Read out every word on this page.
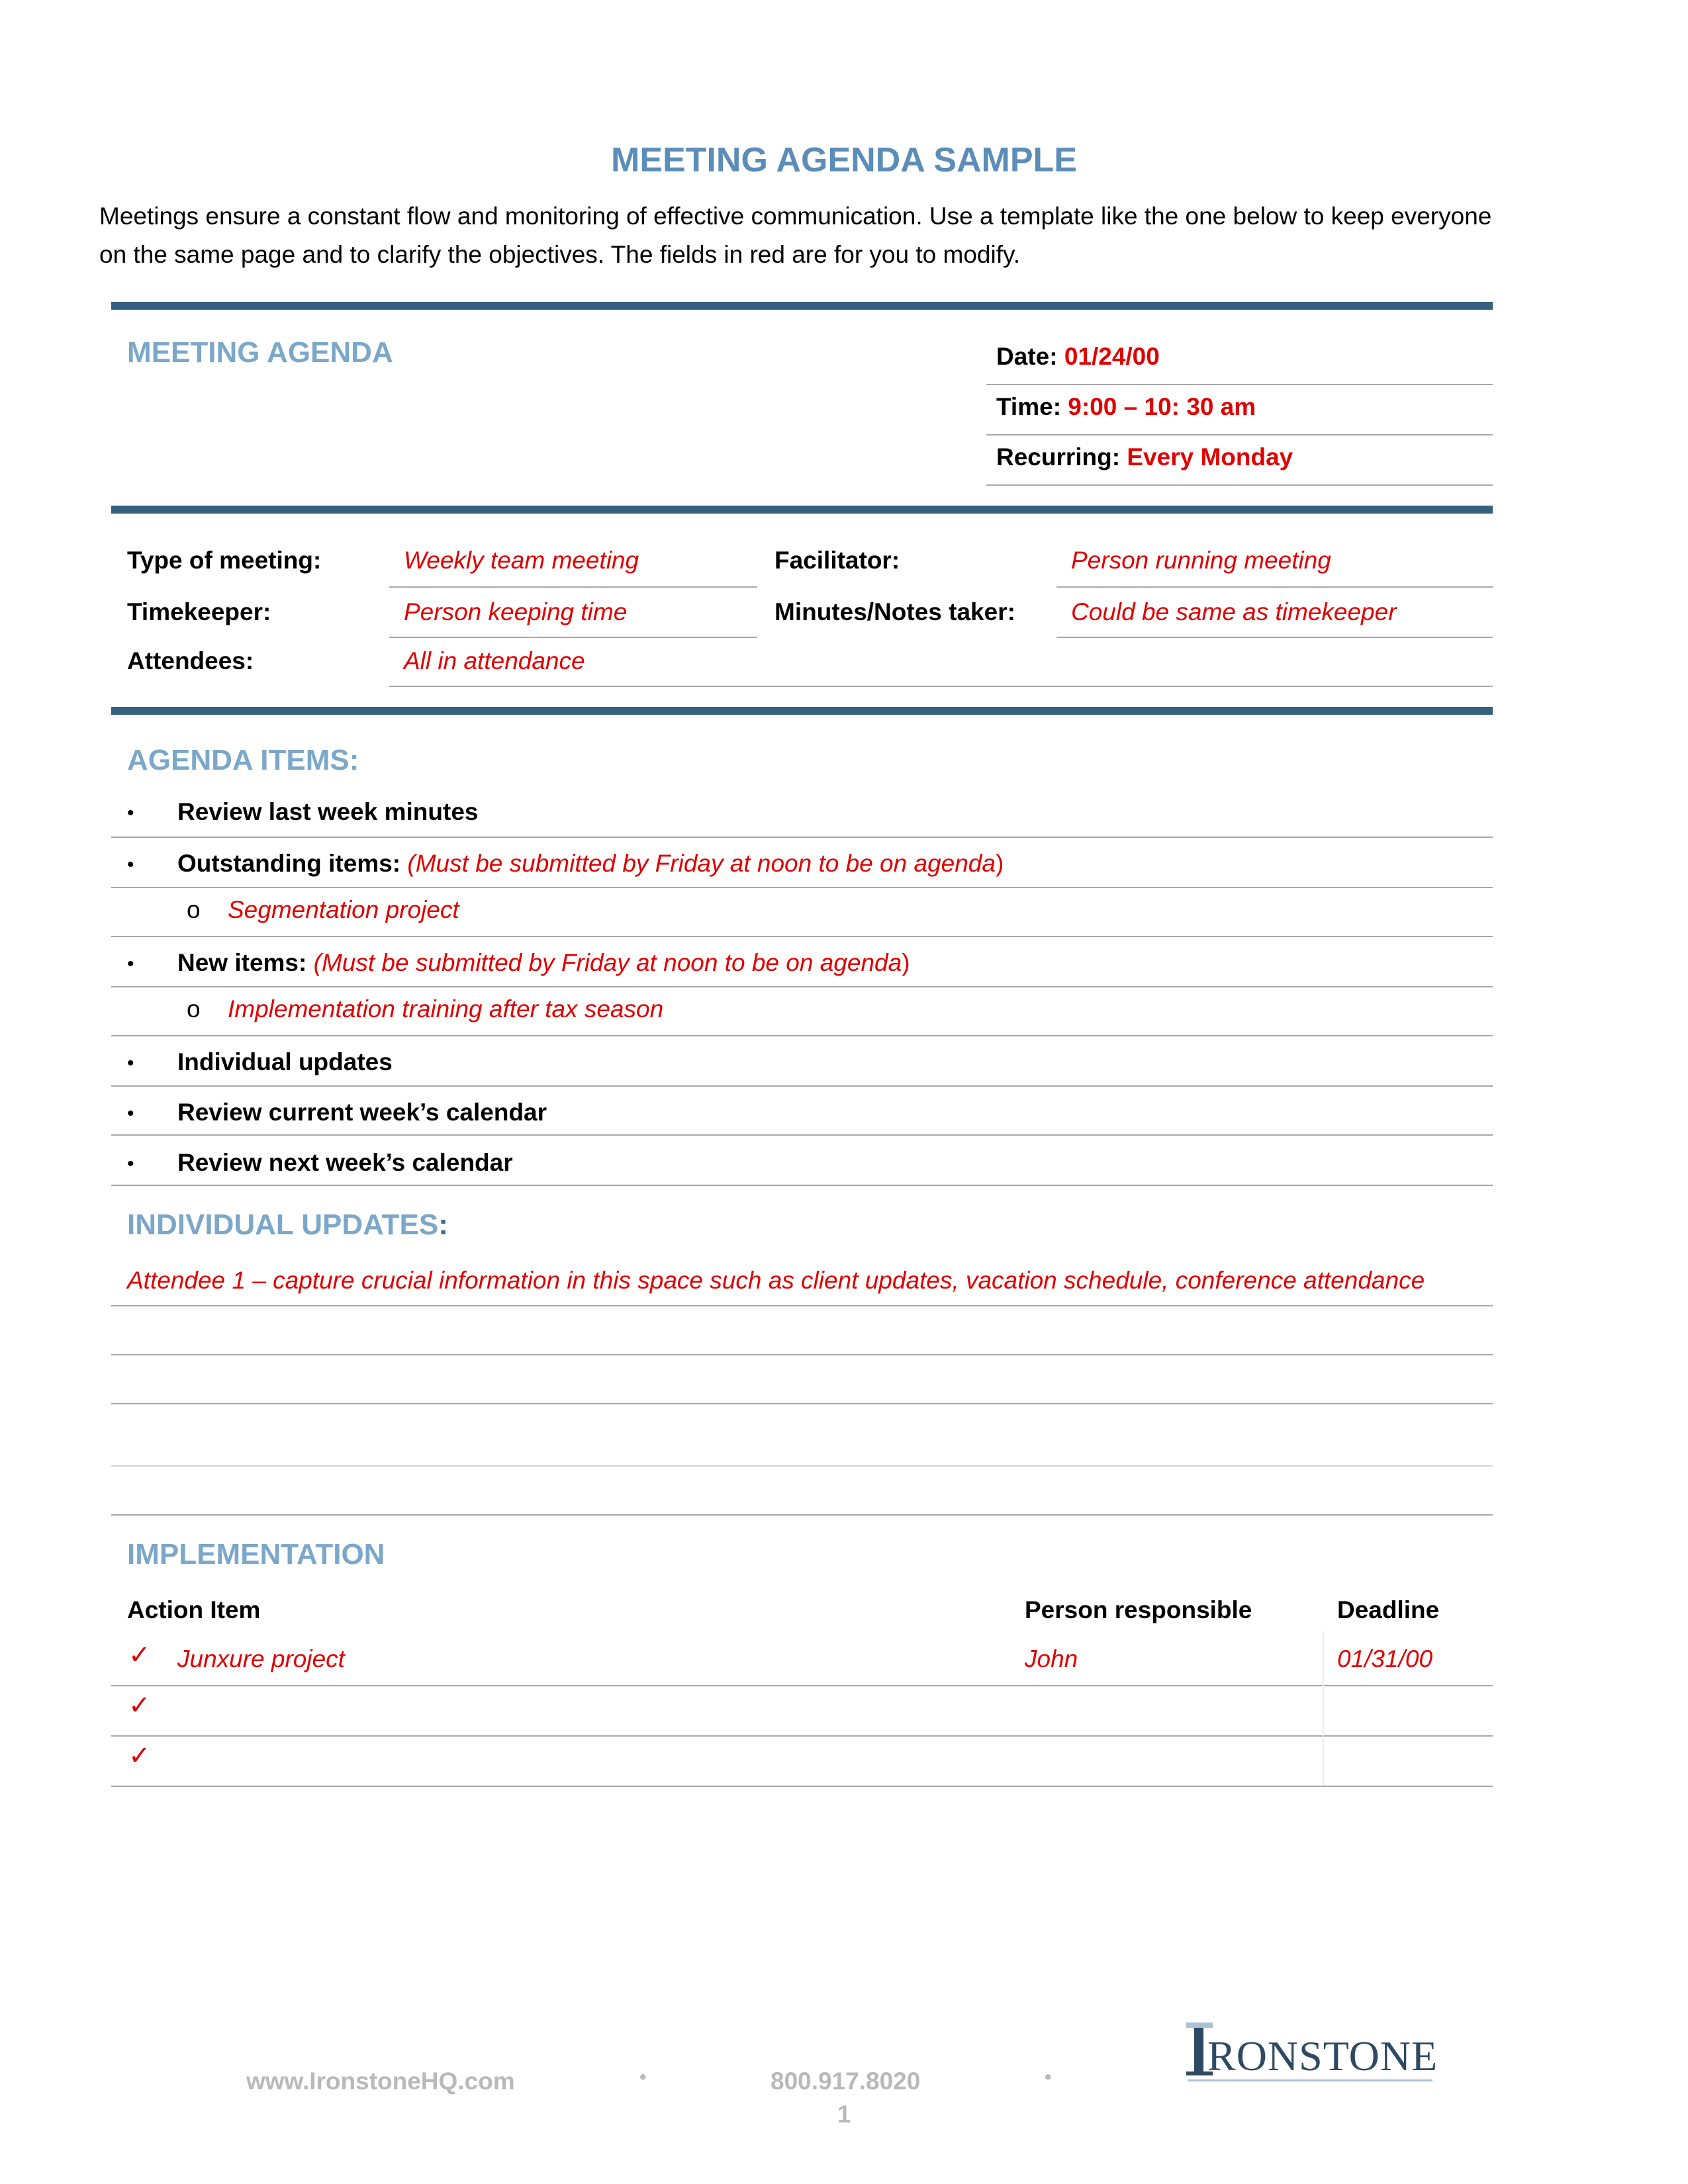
MEETING AGENDA SAMPLE
Meetings ensure a constant flow and monitoring of effective communication. Use a template like the one below to keep everyone
on the same page and to clarify the objectives. The fields in red are for you to modify.
MEETING AGENDA	Date: 01/24/00
Time: 9:00 – 10: 30 am
Recurring: Every Monday
Type of meeting:	Weekly team meeting	Facilitator:	Person running meeting
Timekeeper:	Person keeping time	Minutes/Notes taker: Could be same as timekeeper
Attendees:	All in attendance
AGENDA ITEMS:
• Review last week minutes
• Outstanding items: (Must be submitted by Friday at noon to be on agenda)
o Segmentation project
• New items: (Must be submitted by Friday at noon to be on agenda)
o Implementation training after tax season
• Individual updates
• Review current week’s calendar
• Review next week’s calendar
INDIVIDUAL UPDATES:
Attendee 1 – capture crucial information in this space such as client updates, vacation schedule, conference attendance
IMPLEMENTATION
Action Item	Person responsible	Deadline
✓ Junxure project	John	01/31/00
✓
✓
www.IronstoneHQ.com	•	800.917.8020	•
1
RONSTONE
